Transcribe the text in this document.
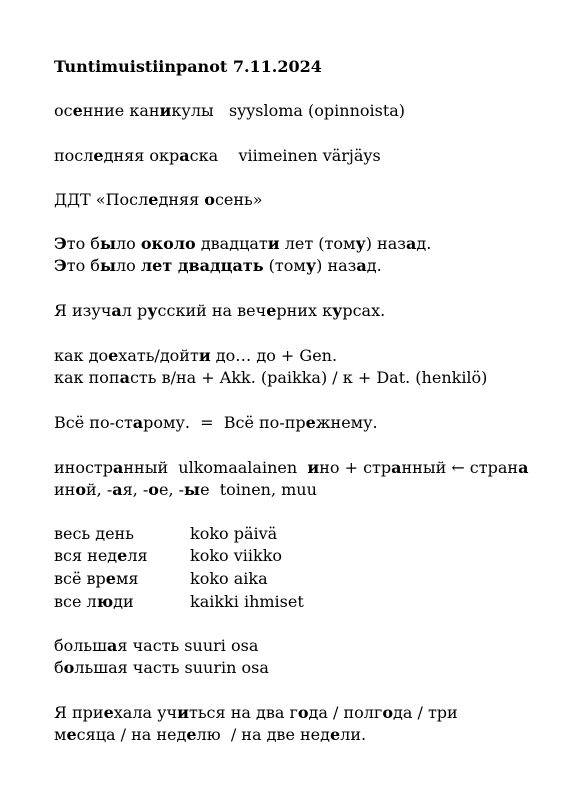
Tuntimuistiinpanot 7.11.2024
осенние каникулы   syysloma (opinnoista)
последняя окраска    viimeinen värjäys
ДДТ «Последняя осень»
Это было около двадцати лет (тому) назад.
Это было лет двадцать (тому) назад.
Я изучал русский на вечерних курсах.
как доехать/дойти до… до + Gen.
как попасть в/на + Akk. (paikka) / к + Dat. (henkilö)
Всё по-старому.  =  Всё по-прежнему.
иностранный  ulkomaalainen  ино + странный ← страна
иной, -ая, -ое, -ые  toinen, muu
весь день	koko päivä
вся неделя	koko viikko
всё время	koko aika
все люди	kaikki ihmiset
большая часть suuri osa
большая часть suurin osa
Я приехала учиться на два года / полгода / три
месяца / на неделю  / на две недели.
